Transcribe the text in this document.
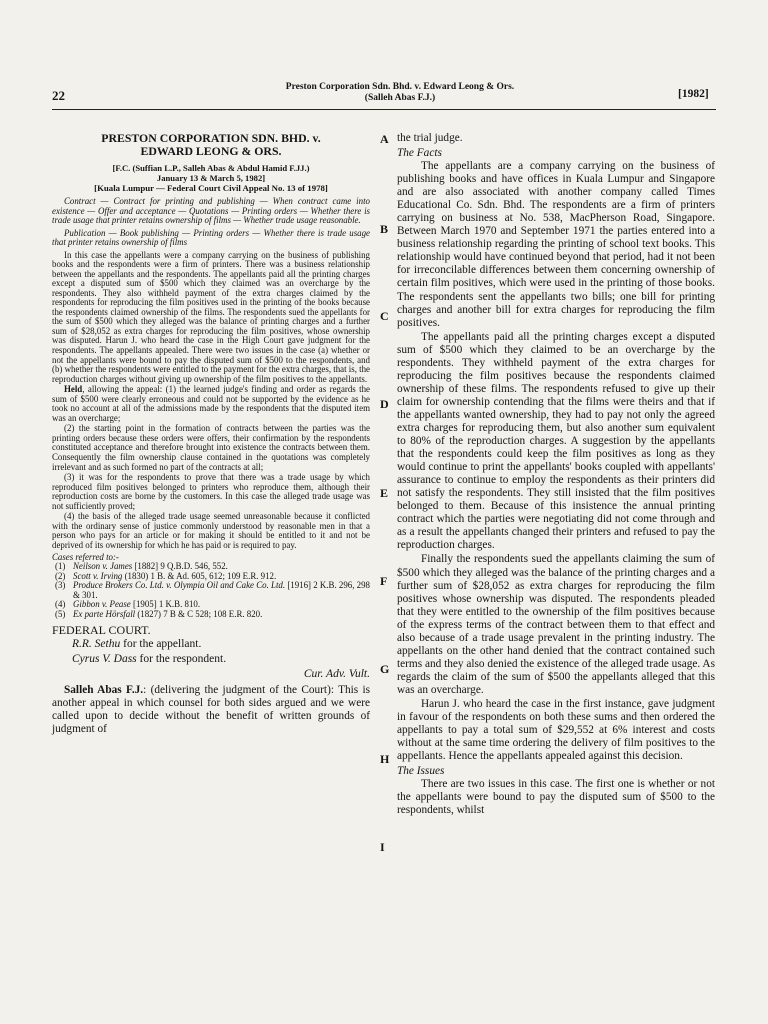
22
Preston Corporation Sdn. Bhd. v. Edward Leong & Ors.
(Salleh Abas F.J.)	[1982]

PRESTON CORPORATION SDN. BHD. v.
EDWARD LEONG & ORS.

[F.C. (Suffian L.P., Salleh Abas & Abdul Hamid F.JJ.)

January 13 & March 5, 1982]

[Kuala Lumpur — Federal Court Civil Appeal No. 13 of 1978]

Contract — Contract for printing and publishing — When contract came into existence — Offer and acceptance — Quotations — Printing orders — Whether there is trade usage that printer retains ownership of films — Whether trade usage reasonable.

Publication — Book publishing — Printing orders — Whether there is trade usage that printer retains ownership of films

In this case the appellants were a company carrying on the business of publishing books and the respondents were a firm of printers. There was a business relationship between the appellants and the respondents. The appellants paid all the printing charges except a disputed sum of $500 which they claimed was an overcharge by the respondents. They also withheld payment of the extra charges claimed by the respondents for reproducing the film positives used in the printing of the books because the respondents claimed ownership of the films. The respondents sued the appellants for the sum of $500 which they alleged was the balance of printing charges and a further sum of $28,052 as extra charges for reproducing the film positives, whose ownership was disputed. Harun J. who heard the case in the High Court gave judgment for the respondents. The appellants appealed. There were two issues in the case (a) whether or not the appellants were bound to pay the disputed sum of $500 to the respondents, and (b) whether the respondents were entitled to the payment for the extra charges, that is, the reproduction charges without giving up ownership of the film positives to the appellants.

Held, allowing the appeal: (1) the learned judge's finding and order as regards the sum of $500 were clearly erroneous and could not be supported by the evidence as he took no account at all of the admissions made by the respondents that the disputed item was an overcharge;

(2) the starting point in the formation of contracts between the parties was the printing orders because these orders were offers, their confirmation by the respondents constituted acceptance and therefore brought into existence the contracts between them. Consequently the film ownership clause contained in the quotations was completely irrelevant and as such formed no part of the contracts at all;

(3) it was for the respondents to prove that there was a trade usage by which reproduced film positives belonged to printers who reproduce them, although their reproduction costs are borne by the customers. In this case the alleged trade usage was not sufficiently proved;

(4) the basis of the alleged trade usage seemed unreasonable because it conflicted with the ordinary sense of justice commonly understood by reasonable men in that a person who pays for an article or for making it should be entitled to it and not be deprived of its ownership for which he has paid or is required to pay.

Cases referred to:-

(1) Neilson v. James [1882] 9 Q.B.D. 546, 552.
(2) Scott v. Irving (1830) 1 B. & Ad. 605, 612; 109 E.R. 912.
(3) Produce Brokers Co. Ltd. v. Olympia Oil and Cake Co. Ltd. [1916] 2 K.B. 296, 298 & 301.
(4) Gibbon v. Pease [1905] 1 K.B. 810.
(5) Ex parte Hörsfall (1827) 7 B & C 528; 108 E.R. 820.

FEDERAL COURT.

R.R. Sethu for the appellant.

Cyrus V. Dass for the respondent.

Cur. Adv. Vult.

Salleh Abas F.J.: (delivering the judgment of the Court): This is another appeal in which counsel for both sides argued and we were called upon to decide without the benefit of written grounds of judgment of

A
B
C
D
E
F
G
H
I

the trial judge.

The Facts

The appellants are a company carrying on the business of publishing books and have offices in Kuala Lumpur and Singapore and are also associated with another company called Times Educational Co. Sdn. Bhd. The respondents are a firm of printers carrying on business at No. 538, MacPherson Road, Singapore. Between March 1970 and September 1971 the parties entered into a business relationship regarding the printing of school text books. This relationship would have continued beyond that period, had it not been for irreconcilable differences between them concerning ownership of certain film positives, which were used in the printing of those books. The respondents sent the appellants two bills; one bill for printing charges and another bill for extra charges for reproducing the film positives.

The appellants paid all the printing charges except a disputed sum of $500 which they claimed to be an overcharge by the respondents. They withheld payment of the extra charges for reproducing the film positives because the respondents claimed ownership of these films. The respondents refused to give up their claim for ownership contending that the films were theirs and that if the appellants wanted ownership, they had to pay not only the agreed extra charges for reproducing them, but also another sum equivalent to 80% of the reproduction charges. A suggestion by the appellants that the respondents could keep the film positives as long as they would continue to print the appellants' books coupled with appellants' assurance to continue to employ the respondents as their printers did not satisfy the respondents. They still insisted that the film positives belonged to them. Because of this insistence the annual printing contract which the parties were negotiating did not come through and as a result the appellants changed their printers and refused to pay the reproduction charges.

Finally the respondents sued the appellants claiming the sum of $500 which they alleged was the balance of the printing charges and a further sum of $28,052 as extra charges for reproducing the film positives whose ownership was disputed. The respondents pleaded that they were entitled to the ownership of the film positives because of the express terms of the contract between them to that effect and also because of a trade usage prevalent in the printing industry. The appellants on the other hand denied that the contract contained such terms and they also denied the existence of the alleged trade usage. As regards the claim of the sum of $500 the appellants alleged that this was an overcharge.

Harun J. who heard the case in the first instance, gave judgment in favour of the respondents on both these sums and then ordered the appellants to pay a total sum of $29,552 at 6% interest and costs without at the same time ordering the delivery of film positives to the appellants. Hence the appellants appealed against this decision.

The Issues

There are two issues in this case. The first one is whether or not the appellants were bound to pay the disputed sum of $500 to the respondents, whilst
